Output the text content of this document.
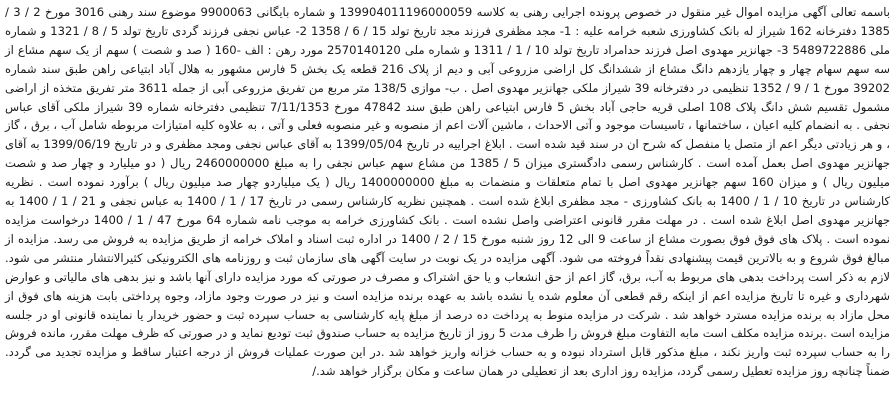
باسمه تعالی آگهی مزایده اموال غیر منقول در خصوص پرونده اجرایی رهنی به کلاسه 139904011196000059 و شماره بایگانی 9900063 موضوع سند رهنی 3016 مورخ 2 / 3 / 1385 دفترخانه 162 شیراز له بانک کشاورزی شعبه خرامه علیه : 1- مجد مظفری فرزند مجد تاریخ تولد 15 / 6 / 1358 2- عباس نجفی فرزند گردی تاریخ تولد 5 / 8 / 1321 و شماره ملی 5489722886 3- جهانزیر مهدوی اصل فرزند حدامراد تاریخ تولد 10 / 1 / 1311 و شماره ملی 2570140120 مورد رهن : الف -160 ( صد و شصت ) سهم از یک سهم مشاع از سه سهم سهام چهار و چهار یازدهم دانگ مشاع از ششدانگ کل اراضی مزروعی آبی و دیم از پلاک 216 قطعه یک بخش 5 فارس مشهور به هلال آباد ابتیاعی راهن طبق سند شماره 39202 مورخ 1 / 9 / 1352 تنظیمی در دفترخانه 39 شیراز ملکی جهانزیر مهدوی اصل . ب- موازی 138/5 متر مربع من تفریق مزروعی آبی از جمله 3611 متر تفریق متخذه از اراضی مشمول تقسیم شش دانگ پلاک 108 اصلی قریه حاجی آباد بخش 5 فارس ابتیاعی راهن طبق سند 47842 مورخ 7/11/1353 تنظیمی دفترخانه شماره 39 شیراز ملکی آقای عباس نجفی . به انضمام کلیه اعیان ، ساختمانها ، تاسیسات موجود و آتی الاحداث ، ماشین آلات اعم از منصوبه و غیر منصوبه فعلی و آتی ، به علاوه کلیه امتیازات مربوطه شامل آب ، برق ، گاز ، و هر زیادتی دیگر اعم از متصل یا منفصل که شرح ان در سند قید شده است . ابلاغ اجراییه در تاریخ 1399/05/04 به آقای عباس نجفی ومجد مظفری و در تاریخ 1399/06/19 به آقای جهانزیر مهدوی اصل بعمل آمده است . کارشناس رسمی دادگستری میزان 5 / 1385 من مشاع سهم عباس نجفی را به مبلغ 2460000000 ریال ( دو میلیارد و چهار صد و شصت میلیون ریال ) و میزان 160 سهم جهانزیر مهدوی اصل با تمام متعلقات و منضمات به مبلغ 1400000000 ریال ( یک میلیاردو چهار صد میلیون ریال ) برآورد نموده است . نظریه کارشناس در تاریخ 10 / 1 / 1400 به بانک کشاورزی - مجد مظفری ابلاغ شده است . همچنین نظریه کارشناس رسمی در تاریخ 17 / 1 / 1400 به عباس نجفی و 21 / 1 / 1400 به جهانزیر مهدوی اصل ابلاغ شده است . در مهلت مقرر قانونی اعتراضی واصل نشده است . بانک کشاورزی خرامه به موجب نامه شماره 64 مورخ 47 / 1 / 1400 درخواست مزایده نموده است . پلاک های فوق فوق بصورت مشاع از ساعت 9 الی 12 روز شنبه مورخ 15 / 2 / 1400 در اداره ثبت اسناد و املاک خرامه از طریق مزایده به فروش می رسد. مزایده از مبالغ فوق شروع و به بالاترین قیمت پیشنهادی نقداً فروخته می شود. آگهی مزایده در یک نوبت در سایت آگهی های سازمان ثبت و روزنامه های الکترونیکی کثیرالانتشار منتشر می شود. لازم به ذکر است پرداخت بدهی های مربوط به آب، برق، گاز اعم از حق انشعاب و یا حق اشتراک و مصرف در صورتی که مورد مزایده دارای آنها باشد و نیز بدهی های مالیاتی و عوارض شهرداری و غیره تا تاریخ مزایده اعم از اینکه رقم قطعی آن معلوم شده یا نشده باشد به عهده برنده مزایده است و نیز در صورت وجود مازاد، وجوه پرداختی بابت هزینه های فوق از محل مازاد به برنده مزایده مسترد خواهد شد . شرکت در مزایده منوط به پرداخت ده درصد از مبلغ پایه کارشناسی به حساب سپرده ثبت و حضور خریدار یا نماینده قانونی او در جلسه مزایده است .برنده مزایده مکلف است مابه التفاوت مبلغ فروش را ظرف مدت 5 روز از تاریخ مزایده به حساب صندوق ثبت تودیع نماید و در صورتی که ظرف مهلت مقرر، مانده فروش را به حساب سپرده ثبت واریز نکند ، مبلغ مذکور قابل استرداد نبوده و به حساب خزانه واریز خواهد شد .در این صورت عملیات فروش از درجه اعتبار ساقط و مزایده تجدید می گردد. ضمناً چنانچه روز مزایده تعطیل رسمی گردد، مزایده روز اداری بعد از تعطیلی در همان ساعت و مکان برگزار خواهد شد./
